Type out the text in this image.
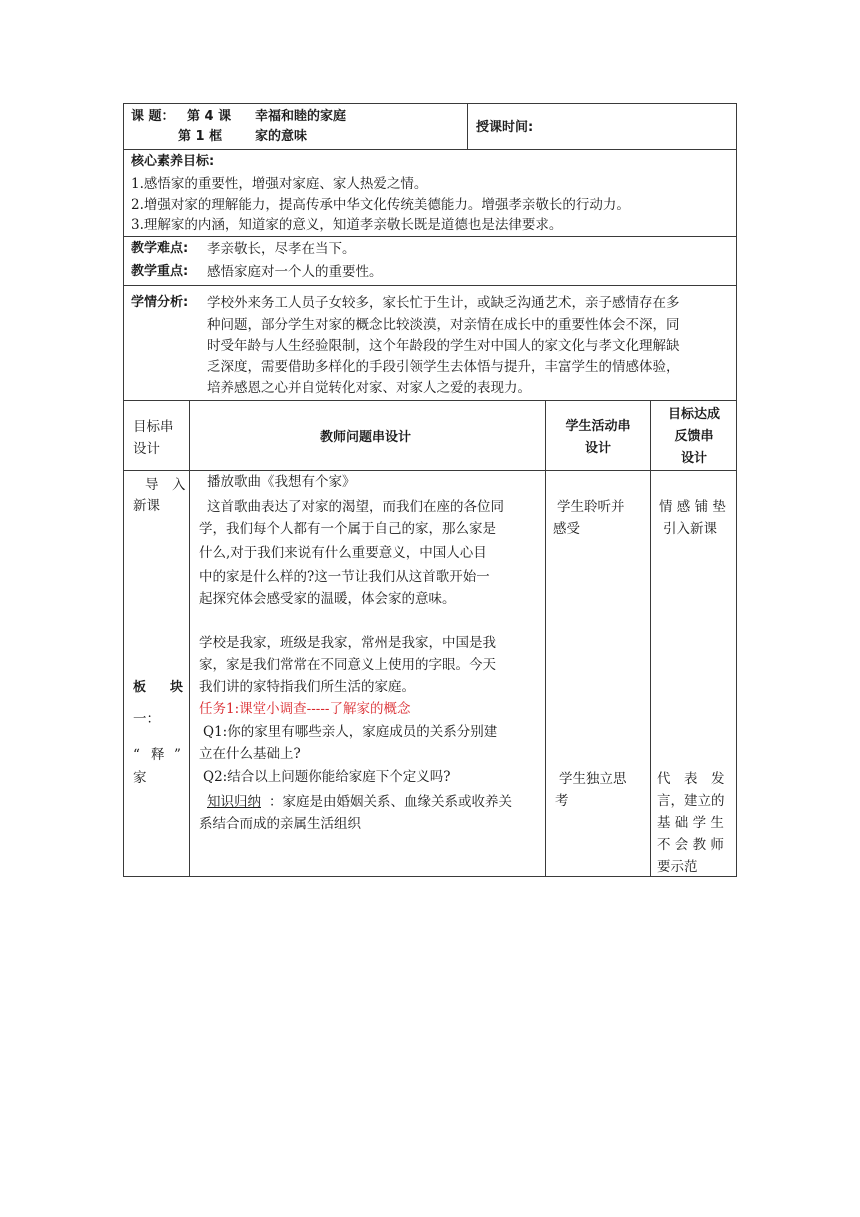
课 题： 第 4 课 幸福和睦的家庭
第 1 框	家的意味
授课时间:
核心素养目标:
1.感悟家的重要性，增强对家庭、家人热爱之情。
2.增强对家的理解能力，提高传承中华文化传统美德能力。增强孝亲敬长的行动力。
3.理解家的内涵，知道家的意义，知道孝亲敬长既是道德也是法律要求。
教学难点: 孝亲敬长，尽孝在当下。
教学重点: 感悟家庭对一个人的重要性。
学情分析: 学校外来务工人员子女较多，家长忙于生计，或缺乏沟通艺术，亲子感情存在多
种问题，部分学生对家的概念比较淡漠，对亲情在成长中的重要性体会不深，同
时受年龄与人生经验限制，这个年龄段的学生对中国人的家文化与孝文化理解缺
乏深度，需要借助多样化的手段引领学生去体悟与提升，丰富学生的情感体验，
培养感恩之心并自觉转化对家、对家人之爱的表现力。
目标串
设计
教师问题串设计
学生活动串
设计
目标达成
反馈串
设计
导 入
新课
板 块
一：
“ 释 ”
家
播放歌曲《我想有个家》
这首歌曲表达了对家的渴望，而我们在座的各位同
学，我们每个人都有一个属于自己的家，那么家是
什么,对于我们来说有什么重要意义，中国人心目
中的家是什么样的?这一节让我们从这首歌开始一
起探究体会感受家的温暖，体会家的意味。
学校是我家，班级是我家，常州是我家，中国是我
家，家是我们常常在不同意义上使用的字眼。今天
我们讲的家特指我们所生活的家庭。
任务1:课堂小调查-----了解家的概念
Q1:你的家里有哪些亲人，家庭成员的关系分别建
立在什么基础上?
Q2:结合以上问题你能给家庭下个定义吗?
知识归纳 ：家庭是由婚姻关系、血缘关系或收养关
系结合而成的亲属生活组织
学生聆听并
感受
学生独立思
考
情 感 铺 垫
引入新课
代　表　发
言，建立的
基 础 学 生
不 会 教 师
要示范
